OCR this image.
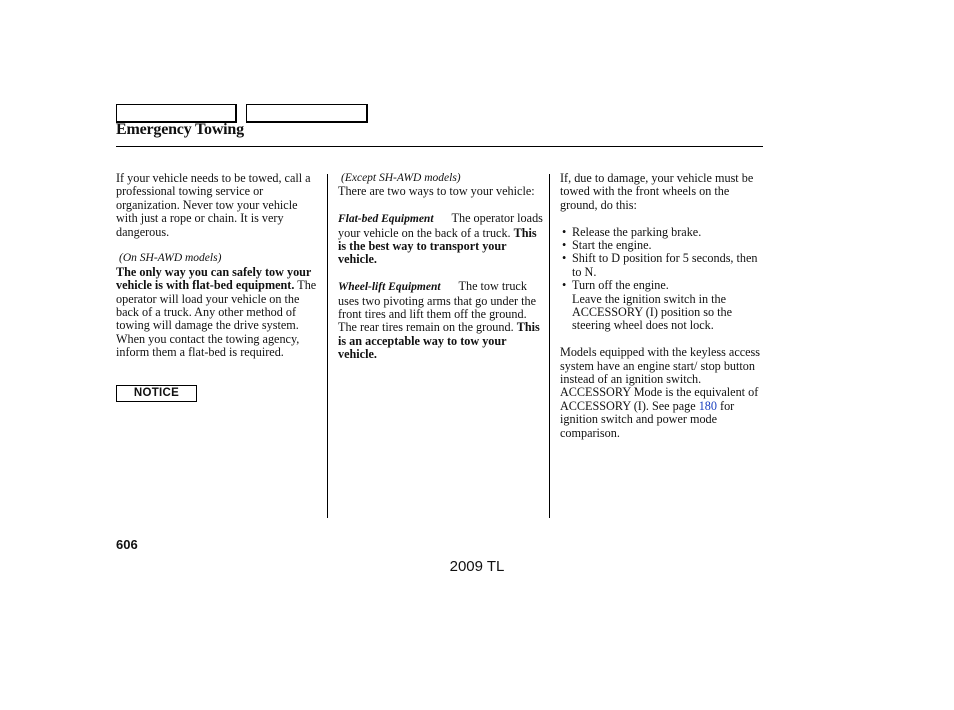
Emergency Towing

If your vehicle needs to be towed, call a professional towing service or organization. Never tow your vehicle with just a rope or chain. It is very dangerous.

(On SH-AWD models)

The only way you can safely tow your vehicle is with flat-bed equipment. The operator will load your vehicle on the back of a truck. Any other method of towing will damage the drive system. When you contact the towing agency, inform them a flat-bed is required.

NOTICE

(Except SH-AWD models)

There are two ways to tow your vehicle:

Flat-bed Equipment The operator loads your vehicle on the back of a truck. This is the best way to transport your vehicle.

Wheel-lift Equipment The tow truck uses two pivoting arms that go under the front tires and lift them off the ground. The rear tires remain on the ground. This is an acceptable way to tow your vehicle.

If, due to damage, your vehicle must be towed with the front wheels on the ground, do this:

• Release the parking brake.
• Start the engine.
• Shift to D position for 5 seconds, then to N.
• Turn off the engine.

Leave the ignition switch in the ACCESSORY (I) position so the steering wheel does not lock.

Models equipped with the keyless access system have an engine start/ stop button instead of an ignition switch. ACCESSORY Mode is the equivalent of ACCESSORY (I). See page 180 for ignition switch and power mode comparison.

606
2009 TL
